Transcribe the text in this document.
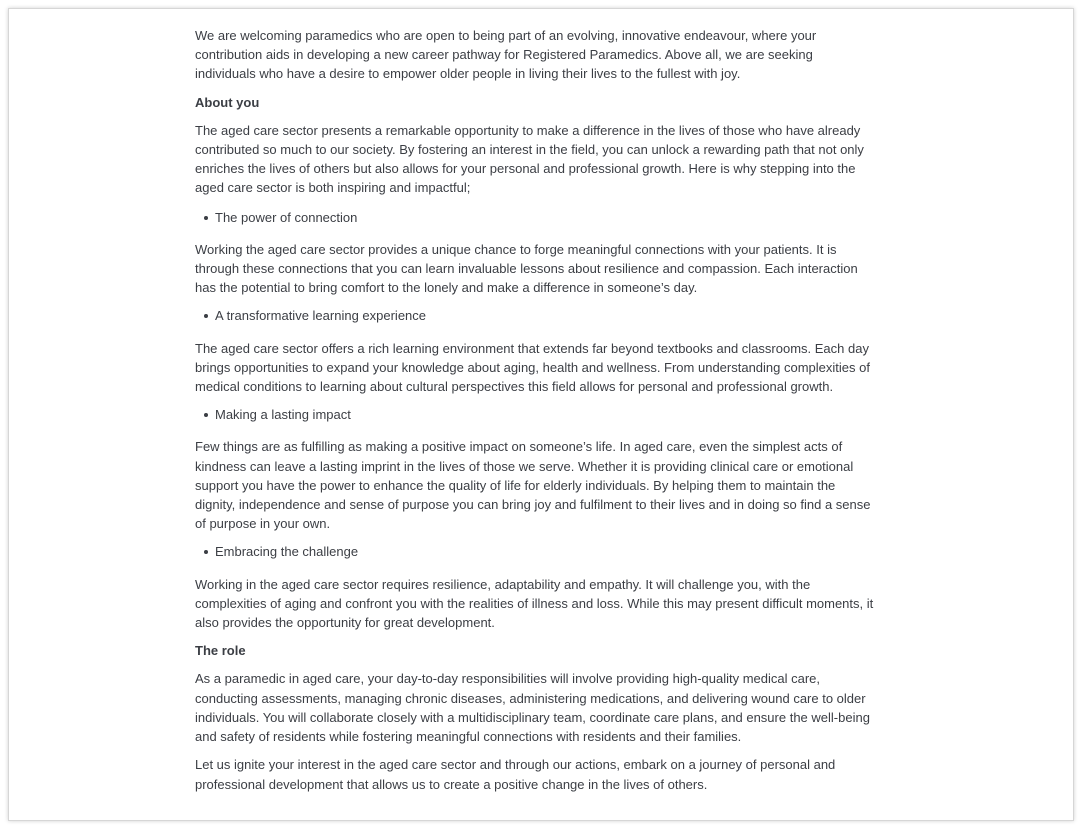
We are welcoming paramedics who are open to being part of an evolving, innovative endeavour, where your contribution aids in developing a new career pathway for Registered Paramedics. Above all, we are seeking individuals who have a desire to empower older people in living their lives to the fullest with joy.

About you

The aged care sector presents a remarkable opportunity to make a difference in the lives of those who have already contributed so much to our society. By fostering an interest in the field, you can unlock a rewarding path that not only enriches the lives of others but also allows for your personal and professional growth. Here is why stepping into the aged care sector is both inspiring and impactful;

The power of connection

Working the aged care sector provides a unique chance to forge meaningful connections with your patients. It is through these connections that you can learn invaluable lessons about resilience and compassion. Each interaction has the potential to bring comfort to the lonely and make a difference in someone’s day.

A transformative learning experience

The aged care sector offers a rich learning environment that extends far beyond textbooks and classrooms. Each day brings opportunities to expand your knowledge about aging, health and wellness. From understanding complexities of medical conditions to learning about cultural perspectives this field allows for personal and professional growth.

Making a lasting impact

Few things are as fulfilling as making a positive impact on someone’s life. In aged care, even the simplest acts of kindness can leave a lasting imprint in the lives of those we serve. Whether it is providing clinical care or emotional support you have the power to enhance the quality of life for elderly individuals. By helping them to maintain the dignity, independence and sense of purpose you can bring joy and fulfilment to their lives and in doing so find a sense of purpose in your own.

Embracing the challenge

Working in the aged care sector requires resilience, adaptability and empathy. It will challenge you, with the complexities of aging and confront you with the realities of illness and loss. While this may present difficult moments, it also provides the opportunity for great development.

The role

As a paramedic in aged care, your day-to-day responsibilities will involve providing high-quality medical care, conducting assessments, managing chronic diseases, administering medications, and delivering wound care to older individuals. You will collaborate closely with a multidisciplinary team, coordinate care plans, and ensure the well-being and safety of residents while fostering meaningful connections with residents and their families.

Let us ignite your interest in the aged care sector and through our actions, embark on a journey of personal and professional development that allows us to create a positive change in the lives of others.
